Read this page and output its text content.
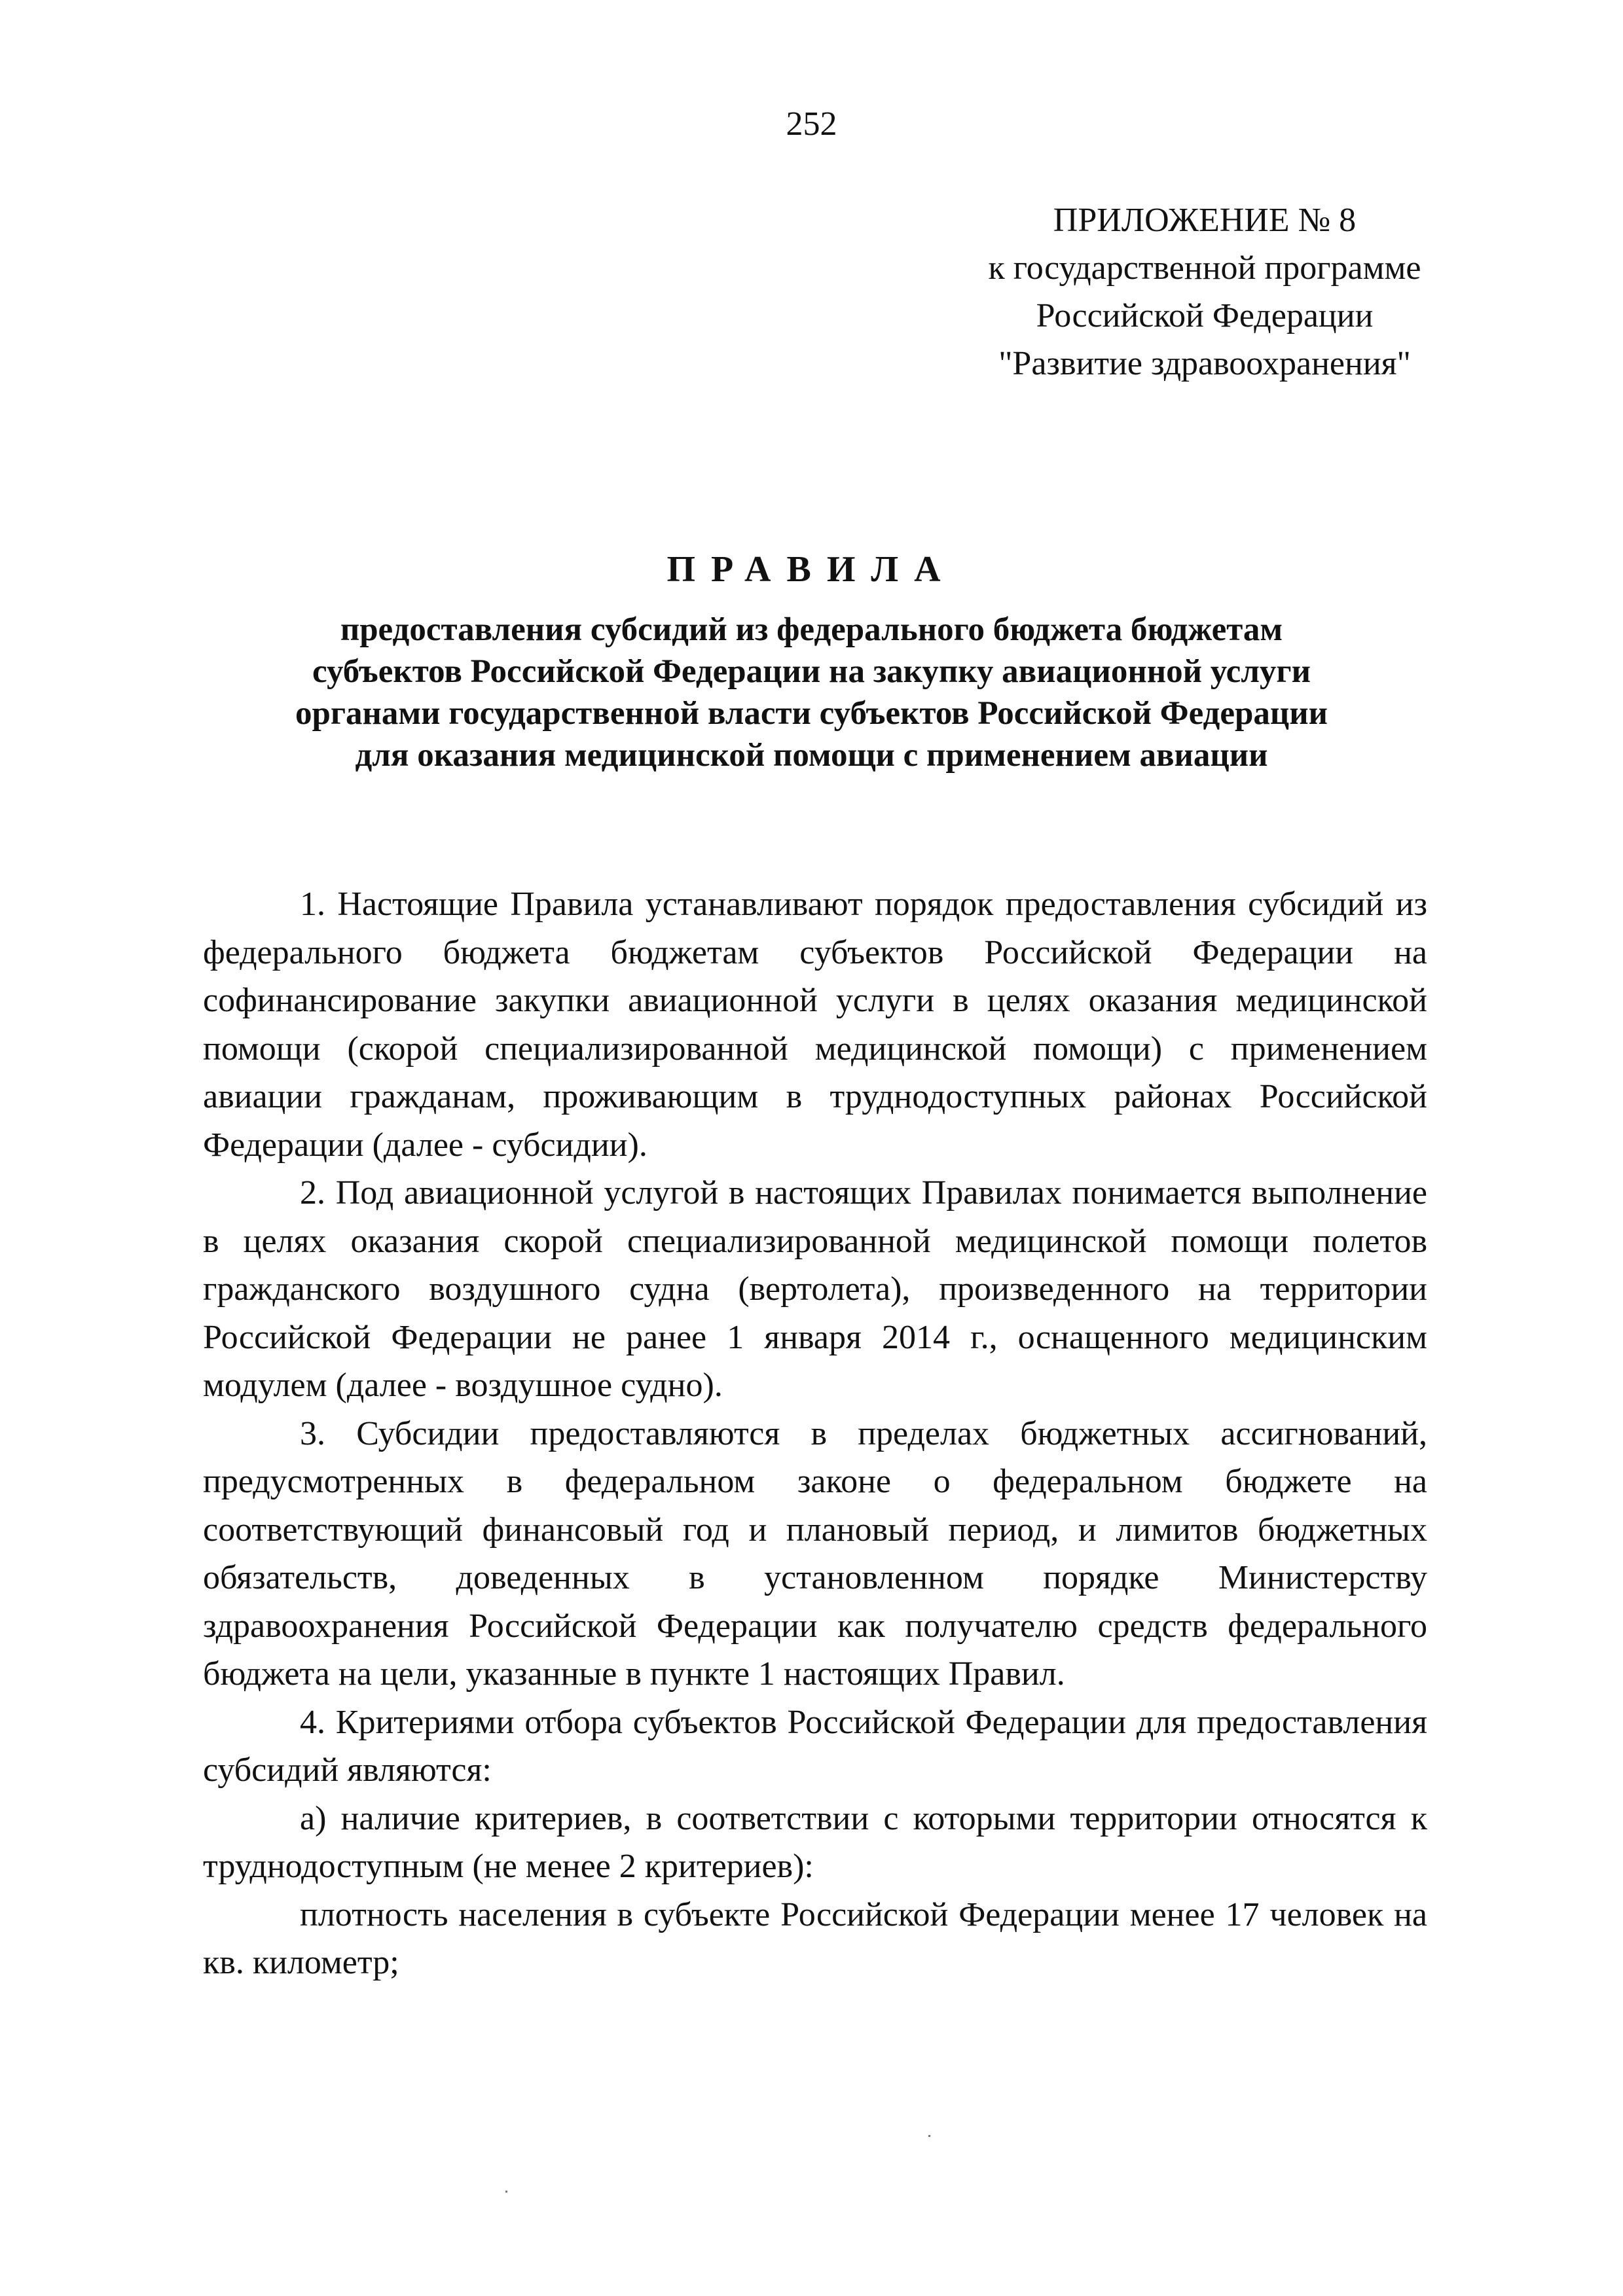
252
ПРИЛОЖЕНИЕ № 8
к государственной программе
Российской Федерации
"Развитие здравоохранения"
ПРАВИЛА
предоставления субсидий из федерального бюджета бюджетам
субъектов Российской Федерации на закупку авиационной услуги
органами государственной власти субъектов Российской Федерации
для оказания медицинской помощи с применением авиации

1. Настоящие Правила устанавливают порядок предоставления субсидий из федерального бюджета бюджетам субъектов Российской Федерации на софинансирование закупки авиационной услуги в целях оказания медицинской помощи (скорой специализированной медицинской помощи) с применением авиации гражданам, проживающим в труднодоступных районах Российской Федерации (далее - субсидии).

2. Под авиационной услугой в настоящих Правилах понимается выполнение в целях оказания скорой специализированной медицинской помощи полетов гражданского воздушного судна (вертолета), произведенного на территории Российской Федерации не ранее 1 января 2014 г., оснащенного медицинским модулем (далее - воздушное судно).

3. Субсидии предоставляются в пределах бюджетных ассигнований, предусмотренных в федеральном законе о федеральном бюджете на соответствующий финансовый год и плановый период, и лимитов бюджетных обязательств, доведенных в установленном порядке Министерству здравоохранения Российской Федерации как получателю средств федерального бюджета на цели, указанные в пункте 1 настоящих Правил.

4. Критериями отбора субъектов Российской Федерации для предоставления субсидий являются:

а) наличие критериев, в соответствии с которыми территории относятся к труднодоступным (не менее 2 критериев):

плотность населения в субъекте Российской Федерации менее 17 человек на кв. километр;
